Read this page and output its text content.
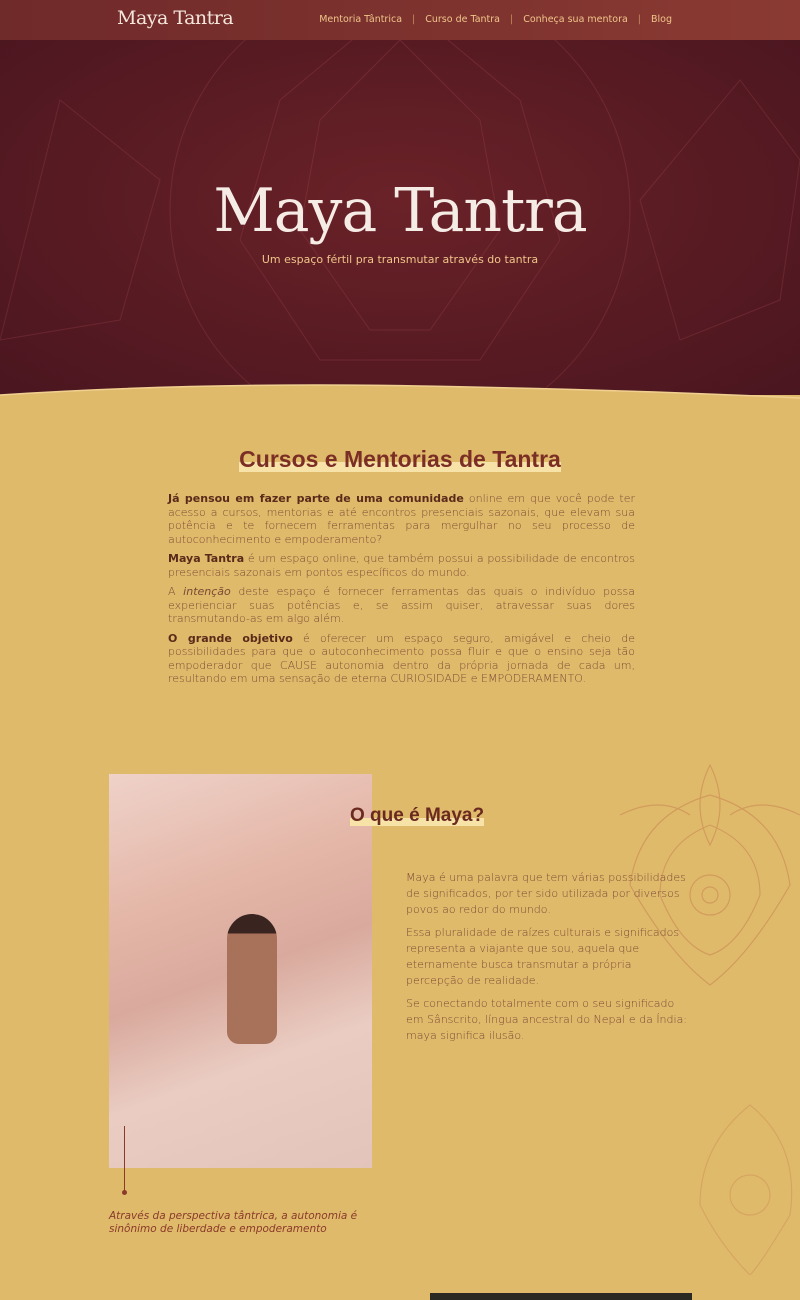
Maya Tantra	Mentoria Tântrica	|	Curso de Tantra	|	Conheça sua mentora	|	Blog
Maya Tantra

Um espaço fértil pra transmutar através do tantra

Cursos e Mentorias de Tantra

Já pensou em fazer parte de uma comunidade online em que você pode ter acesso a cursos, mentorias e até encontros presenciais sazonais, que elevam sua potência e te fornecem ferramentas para mergulhar no seu processo de autoconhecimento e empoderamento?

Maya Tantra é um espaço online, que também possui a possibilidade de encontros presenciais sazonais em pontos específicos do mundo.

A intenção deste espaço é fornecer ferramentas das quais o indivíduo possa experienciar suas potências e, se assim quiser, atravessar suas dores transmutando-as em algo além.

O grande objetivo é oferecer um espaço seguro, amigável e cheio de possibilidades para que o autoconhecimento possa fluir e que o ensino seja tão empoderador que CAUSE autonomia dentro da própria jornada de cada um, resultando em uma sensação de eterna CURIOSIDADE e EMPODERAMENTO.

O que é Maya?

Maya é uma palavra que tem várias possibilidades de significados, por ter sido utilizada por diversos povos ao redor do mundo.

Essa pluralidade de raízes culturais e significados representa a viajante que sou, aquela que eternamente busca transmutar a própria percepção de realidade.

Se conectando totalmente com o seu significado em Sânscrito, língua ancestral do Nepal e da Índia: maya significa ilusão.

Através da perspectiva tântrica, a autonomia é sinônimo de liberdade e empoderamento
